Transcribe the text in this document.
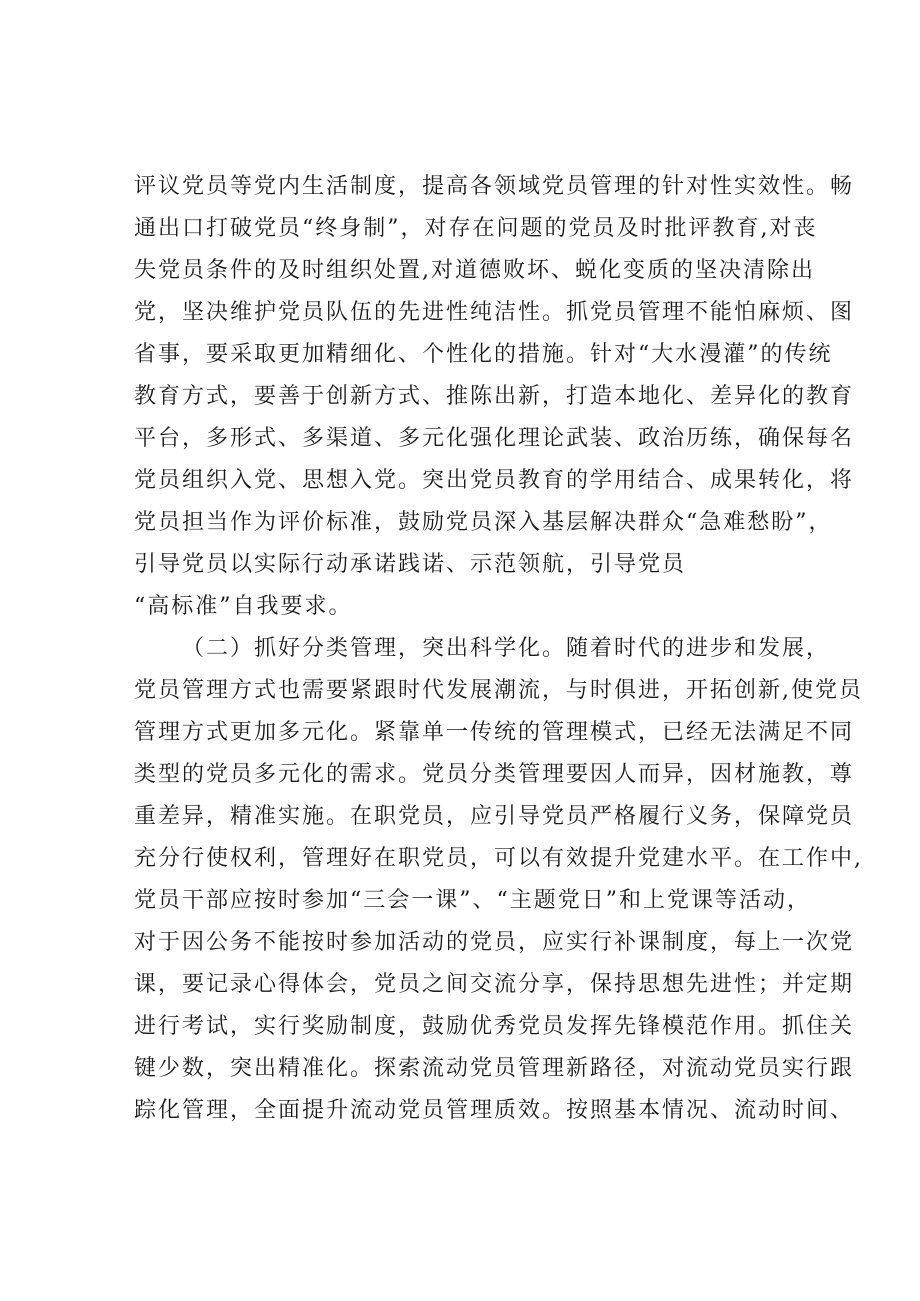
评议党员等党内生活制度，提高各领域党员管理的针对性实效性。畅
通出口打破党员“终身制”，对存在问题的党员及时批评教育,对丧
失党员条件的及时组织处置,对道德败坏、蜕化变质的坚决清除出
党，坚决维护党员队伍的先进性纯洁性。抓党员管理不能怕麻烦、图
省事，要采取更加精细化、个性化的措施。针对“大水漫灌”的传统
教育方式，要善于创新方式、推陈出新，打造本地化、差异化的教育
平台，多形式、多渠道、多元化强化理论武装、政治历练，确保每名
党员组织入党、思想入党。突出党员教育的学用结合、成果转化，将
党员担当作为评价标准，鼓励党员深入基层解决群众“急难愁盼”，
引导党员以实际行动承诺践诺、示范领航，引导党员
“高标准”自我要求。
（二）抓好分类管理，突出科学化。随着时代的进步和发展，
党员管理方式也需要紧跟时代发展潮流，与时俱进，开拓创新,使党员
管理方式更加多元化。紧靠单一传统的管理模式，已经无法满足不同
类型的党员多元化的需求。党员分类管理要因人而异，因材施教，尊
重差异，精准实施。在职党员，应引导党员严格履行义务，保障党员
充分行使权利，管理好在职党员，可以有效提升党建水平。在工作中,
党员干部应按时参加“三会一课”、“主题党日”和上党课等活动，
对于因公务不能按时参加活动的党员，应实行补课制度，每上一次党
课，要记录心得体会，党员之间交流分享，保持思想先进性；并定期
进行考试，实行奖励制度，鼓励优秀党员发挥先锋模范作用。抓住关
键少数，突出精准化。探索流动党员管理新路径，对流动党员实行跟
踪化管理，全面提升流动党员管理质效。按照基本情况、流动时间、
